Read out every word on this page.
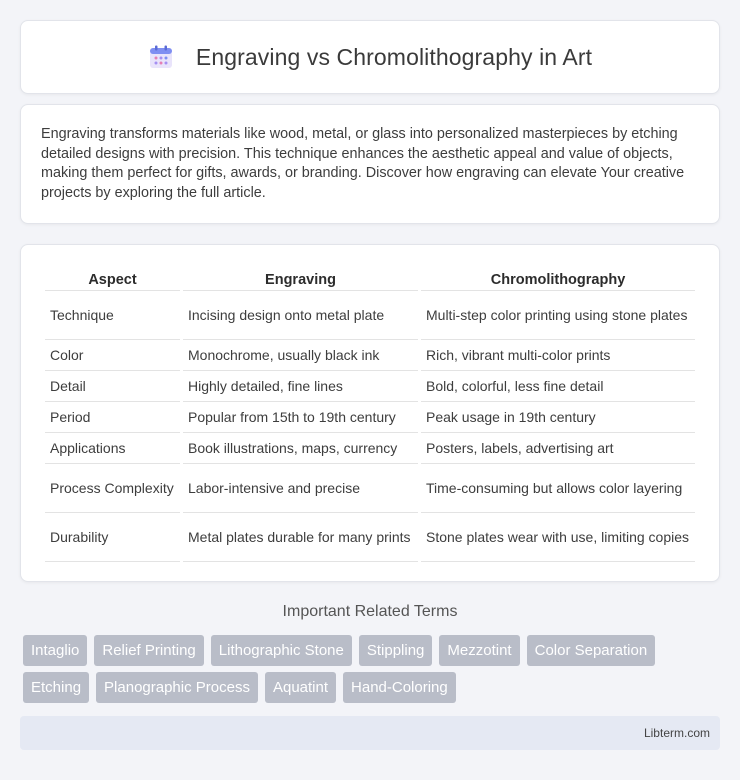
Engraving vs Chromolithography in Art

Engraving transforms materials like wood, metal, or glass into personalized masterpieces by etching detailed designs with precision. This technique enhances the aesthetic appeal and value of objects, making them perfect for gifts, awards, or branding. Discover how engraving can elevate Your creative projects by exploring the full article.

Aspect	Engraving	Chromolithography
Technique	Incising design onto metal plate	Multi-step color printing using stone plates
Color	Monochrome, usually black ink	Rich, vibrant multi-color prints
Detail	Highly detailed, fine lines	Bold, colorful, less fine detail
Period	Popular from 15th to 19th century	Peak usage in 19th century
Applications	Book illustrations, maps, currency	Posters, labels, advertising art
Process Complexity	Labor-intensive and precise	Time-consuming but allows color layering
Durability	Metal plates durable for many prints	Stone plates wear with use, limiting copies
Important Related Terms
Intaglio	Relief Printing	Lithographic Stone	Stippling	Mezzotint	Color Separation
Etching	Planographic Process	Aquatint	Hand-Coloring
Libterm.com
